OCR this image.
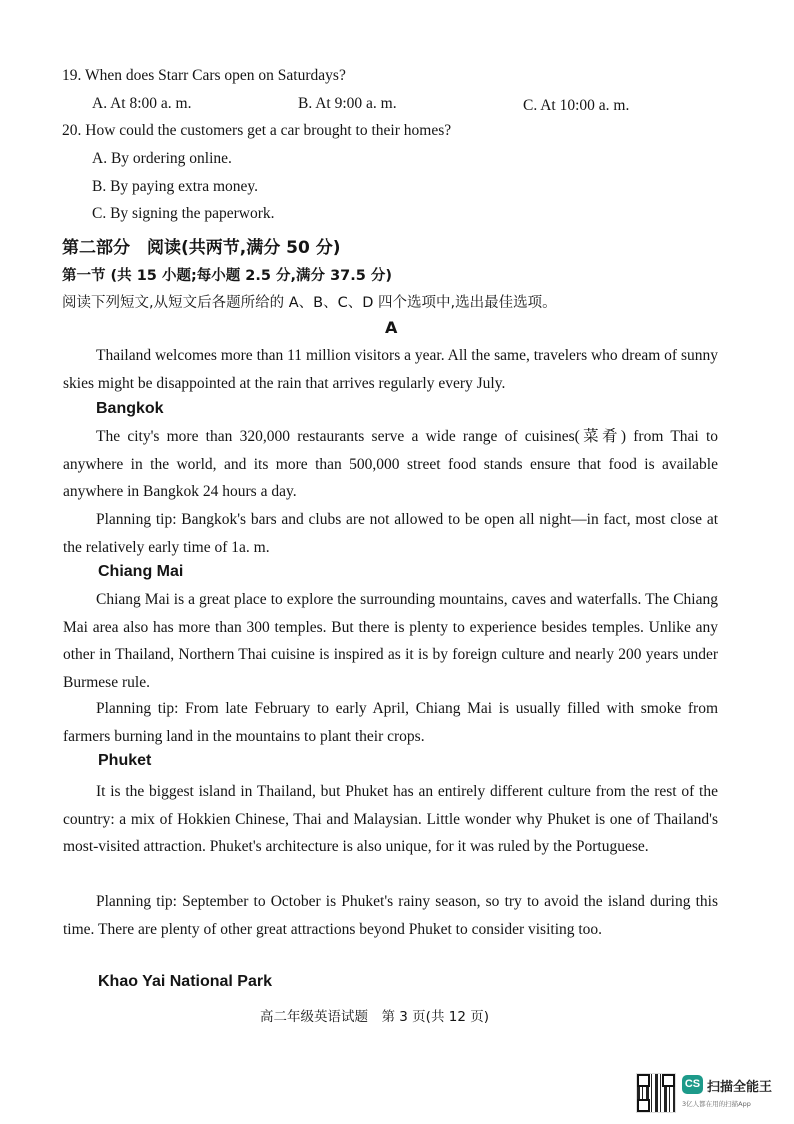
19. When does Starr Cars open on Saturdays?
A. At 8:00 a. m.	B. At 9:00 a. m.	C. At 10:00 a. m.
20. How could the customers get a car brought to their homes?
A. By ordering online.
B. By paying extra money.
C. By signing the paperwork.
第二部分　阅读(共两节,满分 50 分)
第一节 (共 15 小题;每小题 2.5 分,满分 37.5 分)
阅读下列短文,从短文后各题所给的 A、B、C、D 四个选项中,选出最佳选项。
A

Thailand welcomes more than 11 million visitors a year. All the same, travelers who dream of sunny skies might be disappointed at the rain that arrives regularly every July.

Bangkok

The city's more than 320,000 restaurants serve a wide range of cuisines(菜肴) from Thai to anywhere in the world, and its more than 500,000 street food stands ensure that food is available anywhere in Bangkok 24 hours a day.

Planning tip: Bangkok's bars and clubs are not allowed to be open all night—in fact, most close at the relatively early time of 1a. m.

Chiang Mai

Chiang Mai is a great place to explore the surrounding mountains, caves and waterfalls. The Chiang Mai area also has more than 300 temples. But there is plenty to experience besides temples. Unlike any other in Thailand, Northern Thai cuisine is inspired as it is by foreign culture and nearly 200 years under Burmese rule.

Planning tip: From late February to early April, Chiang Mai is usually filled with smoke from farmers burning land in the mountains to plant their crops.

Phuket

It is the biggest island in Thailand, but Phuket has an entirely different culture from the rest of the country: a mix of Hokkien Chinese, Thai and Malaysian. Little wonder why Phuket is one of Thailand's most-visited attraction. Phuket's architecture is also unique, for it was ruled by the Portuguese.

Planning tip: September to October is Phuket's rainy season, so try to avoid the island during this time. There are plenty of other great attractions beyond Phuket to consider visiting too.

Khao Yai National Park
高二年级英语试题　第 3 页(共 12 页)
CS 扫描全能王
3亿人都在用的扫描App
